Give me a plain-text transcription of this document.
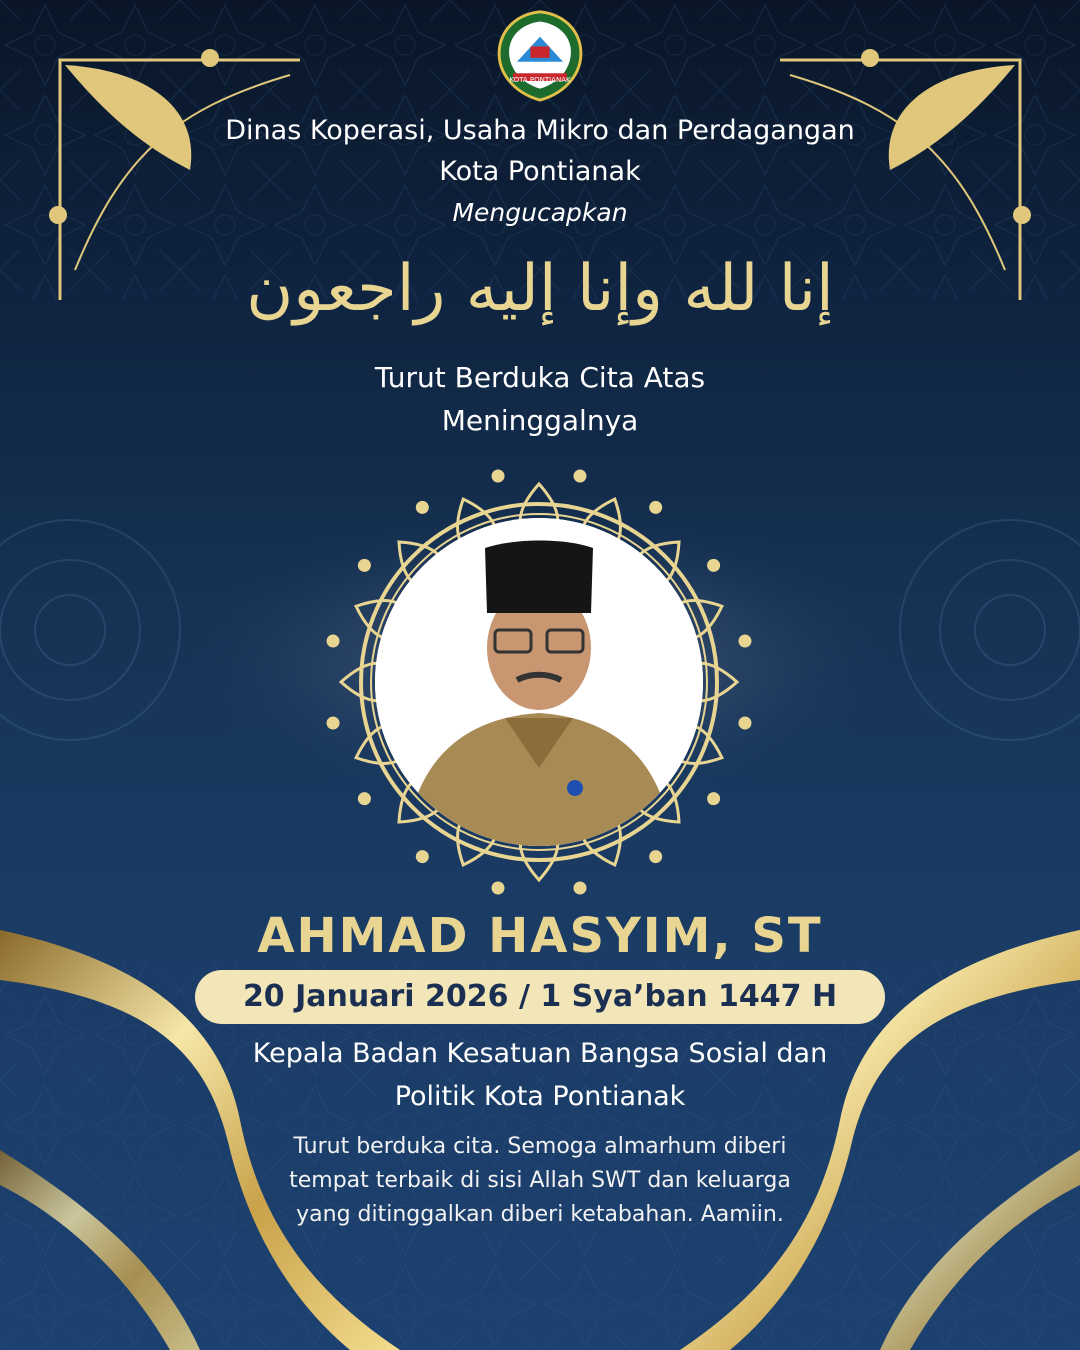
KOTA PONTIANAK
Dinas Koperasi, Usaha Mikro dan Perdagangan
Kota Pontianak
Mengucapkan
إنا لله وإنا إليه راجعون
Turut Berduka Cita Atas
Meninggalnya
AHMAD HASYIM, ST
20 Januari 2026 / 1 Sya’ban 1447 H
Kepala Badan Kesatuan Bangsa Sosial dan
Politik Kota Pontianak
Turut berduka cita. Semoga almarhum diberi
tempat terbaik di sisi Allah SWT dan keluarga
yang ditinggalkan diberi ketabahan. Aamiin.
